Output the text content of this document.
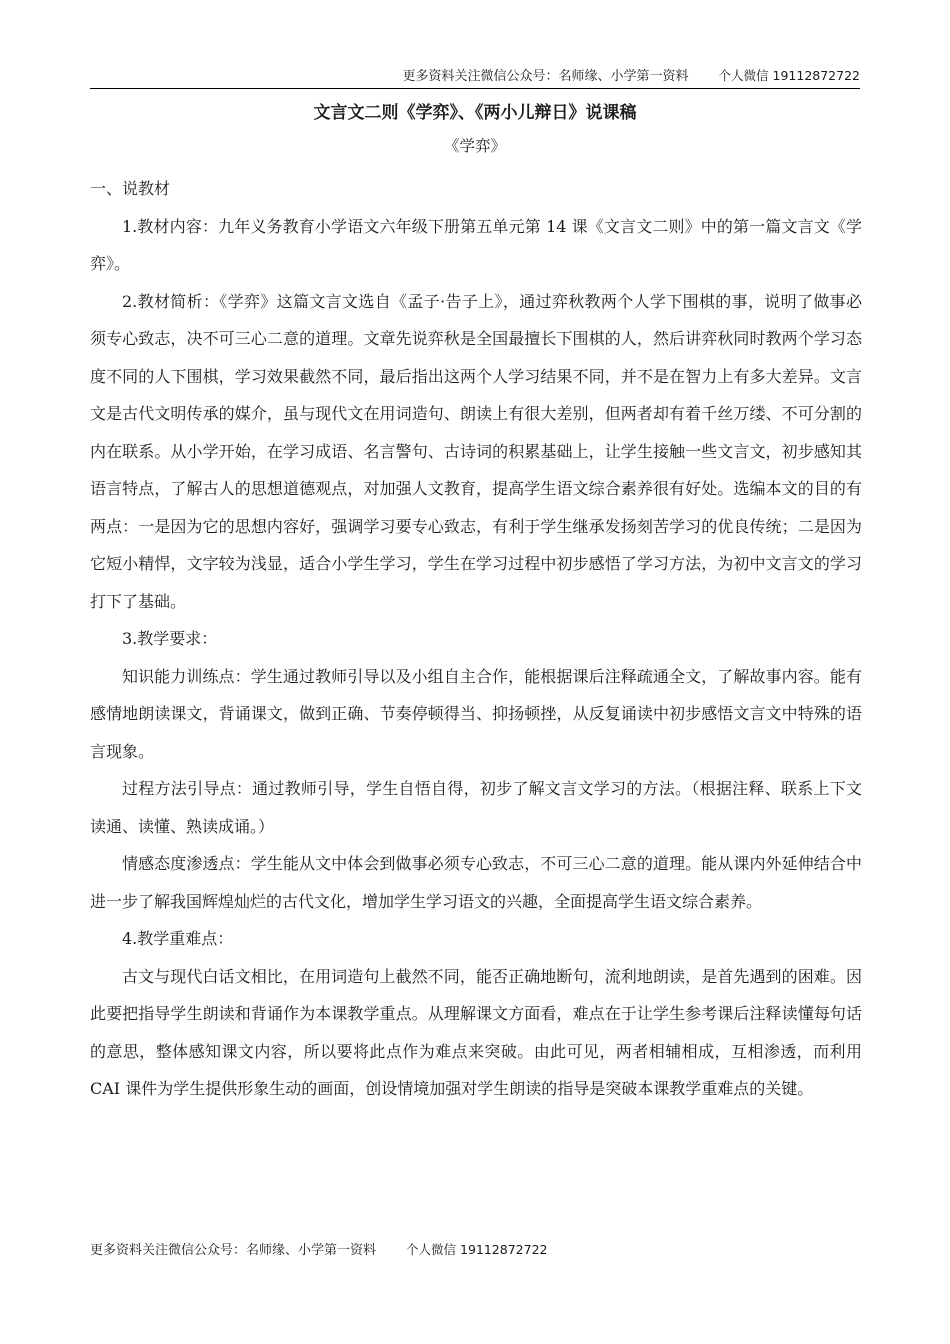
更多资料关注微信公众号：名师缘、小学第一资料 个人微信 19112872722
文言文二则《学弈》、《两小儿辩日》说课稿
《学弈》

一、说教材

1.教材内容：九年义务教育小学语文六年级下册第五单元第 14 课《文言文二则》中的第一篇文言文《学弈》。

2.教材简析：《学弈》这篇文言文选自《孟子·告子上》，通过弈秋教两个人学下围棋的事，说明了做事必须专心致志，决不可三心二意的道理。文章先说弈秋是全国最擅长下围棋的人，然后讲弈秋同时教两个学习态度不同的人下围棋，学习效果截然不同，最后指出这两个人学习结果不同，并不是在智力上有多大差异。文言文是古代文明传承的媒介，虽与现代文在用词造句、朗读上有很大差别，但两者却有着千丝万缕、不可分割的内在联系。从小学开始，在学习成语、名言警句、古诗词的积累基础上，让学生接触一些文言文，初步感知其语言特点，了解古人的思想道德观点，对加强人文教育，提高学生语文综合素养很有好处。选编本文的目的有两点：一是因为它的思想内容好，强调学习要专心致志，有利于学生继承发扬刻苦学习的优良传统；二是因为它短小精悍，文字较为浅显，适合小学生学习，学生在学习过程中初步感悟了学习方法，为初中文言文的学习打下了基础。

3.教学要求：

知识能力训练点：学生通过教师引导以及小组自主合作，能根据课后注释疏通全文，了解故事内容。能有感情地朗读课文，背诵课文，做到正确、节奏停顿得当、抑扬顿挫，从反复诵读中初步感悟文言文中特殊的语言现象。

过程方法引导点：通过教师引导，学生自悟自得，初步了解文言文学习的方法。（根据注释、联系上下文读通、读懂、熟读成诵。）

情感态度渗透点：学生能从文中体会到做事必须专心致志，不可三心二意的道理。能从课内外延伸结合中进一步了解我国辉煌灿烂的古代文化，增加学生学习语文的兴趣，全面提高学生语文综合素养。

4.教学重难点：

古文与现代白话文相比，在用词造句上截然不同，能否正确地断句，流利地朗读，是首先遇到的困难。因此要把指导学生朗读和背诵作为本课教学重点。从理解课文方面看，难点在于让学生参考课后注释读懂每句话的意思，整体感知课文内容，所以要将此点作为难点来突破。由此可见，两者相辅相成，互相渗透，而利用 CAI 课件为学生提供形象生动的画面，创设情境加强对学生朗读的指导是突破本课教学重难点的关键。

更多资料关注微信公众号：名师缘、小学第一资料 个人微信 19112872722
